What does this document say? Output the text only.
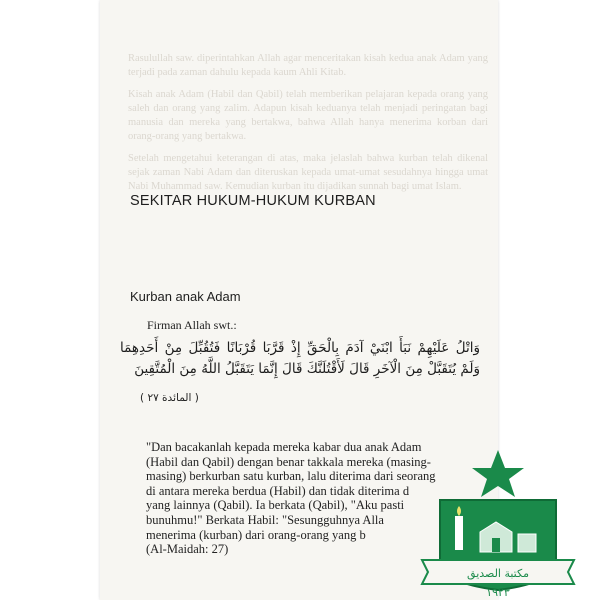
Rasulullah saw. diperintahkan Allah agar menceritakan kisah kedua anak Adam yang terjadi pada zaman dahulu kepada kaum Ahli Kitab.

Kisah anak Adam (Habil dan Qabil) telah memberikan pelajaran kepada orang yang saleh dan orang yang zalim. Adapun kisah keduanya telah menjadi peringatan bagi manusia dan mereka yang bertakwa, bahwa Allah hanya menerima korban dari orang-orang yang bertakwa.

Setelah mengetahui keterangan di atas, maka jelaslah bahwa kurban telah dikenal sejak zaman Nabi Adam dan diteruskan kepada umat-umat sesudahnya hingga umat Nabi Muhammad saw. Kemudian kurban itu dijadikan sunnah bagi umat Islam.

SEKITAR HUKUM-HUKUM KURBAN
Kurban anak Adam
Firman Allah swt.:
وَاتْلُ عَلَيْهِمْ نَبَأَ ابْنَيْ آدَمَ بِالْحَقِّ إِذْ قَرَّبَا قُرْبَانًا فَتُقُبِّلَ مِنْ أَحَدِهِمَا وَلَمْ يُتَقَبَّلْ مِنَ الْآخَرِ قَالَ لَأَقْتُلَنَّكَ قَالَ إِنَّمَا يَتَقَبَّلُ اللَّهُ مِنَ الْمُتَّقِينَ
( المائدة ٢٧ )

"Dan bacakanlah kepada mereka kabar dua anak Adam

(Habil dan Qabil) dengan benar takkala mereka (masing-

masing) berkurban satu kurban, lalu diterima dari seorang

di antara mereka berdua (Habil) dan tidak diterima d

yang lainnya (Qabil). Ia berkata (Qabil), "Aku pasti

bunuhmu!" Berkata Habil: "Sesungguhnya Alla

menerima (kurban) dari orang-orang yang b

(Al-Maidah: 27)

مكتبة الصديق
١٩٢٣
